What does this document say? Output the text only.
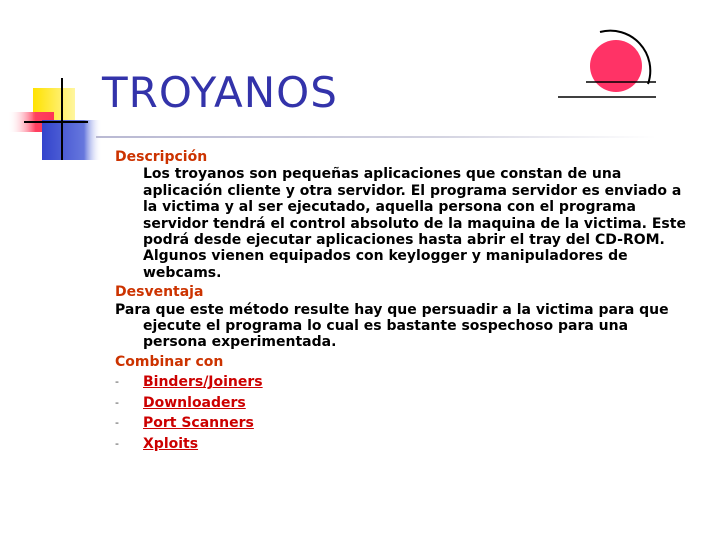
TROYANOS
Descripción

Los troyanos son pequeñas aplicaciones que constan de una aplicación cliente y otra servidor. El programa servidor es enviado a la victima y al ser ejecutado, aquella persona con el programa servidor tendrá el control absoluto de la maquina de la victima. Este podrá desde ejecutar aplicaciones hasta abrir el tray del CD-ROM. Algunos vienen equipados con keylogger y manipuladores de webcams.

Desventaja

Para que este método resulte hay que persuadir a la victima para que ejecute el programa lo cual es bastante sospechoso para una persona experimentada.

Combinar con
- Binders/Joiners
- Downloaders
- Port Scanners
- Xploits
